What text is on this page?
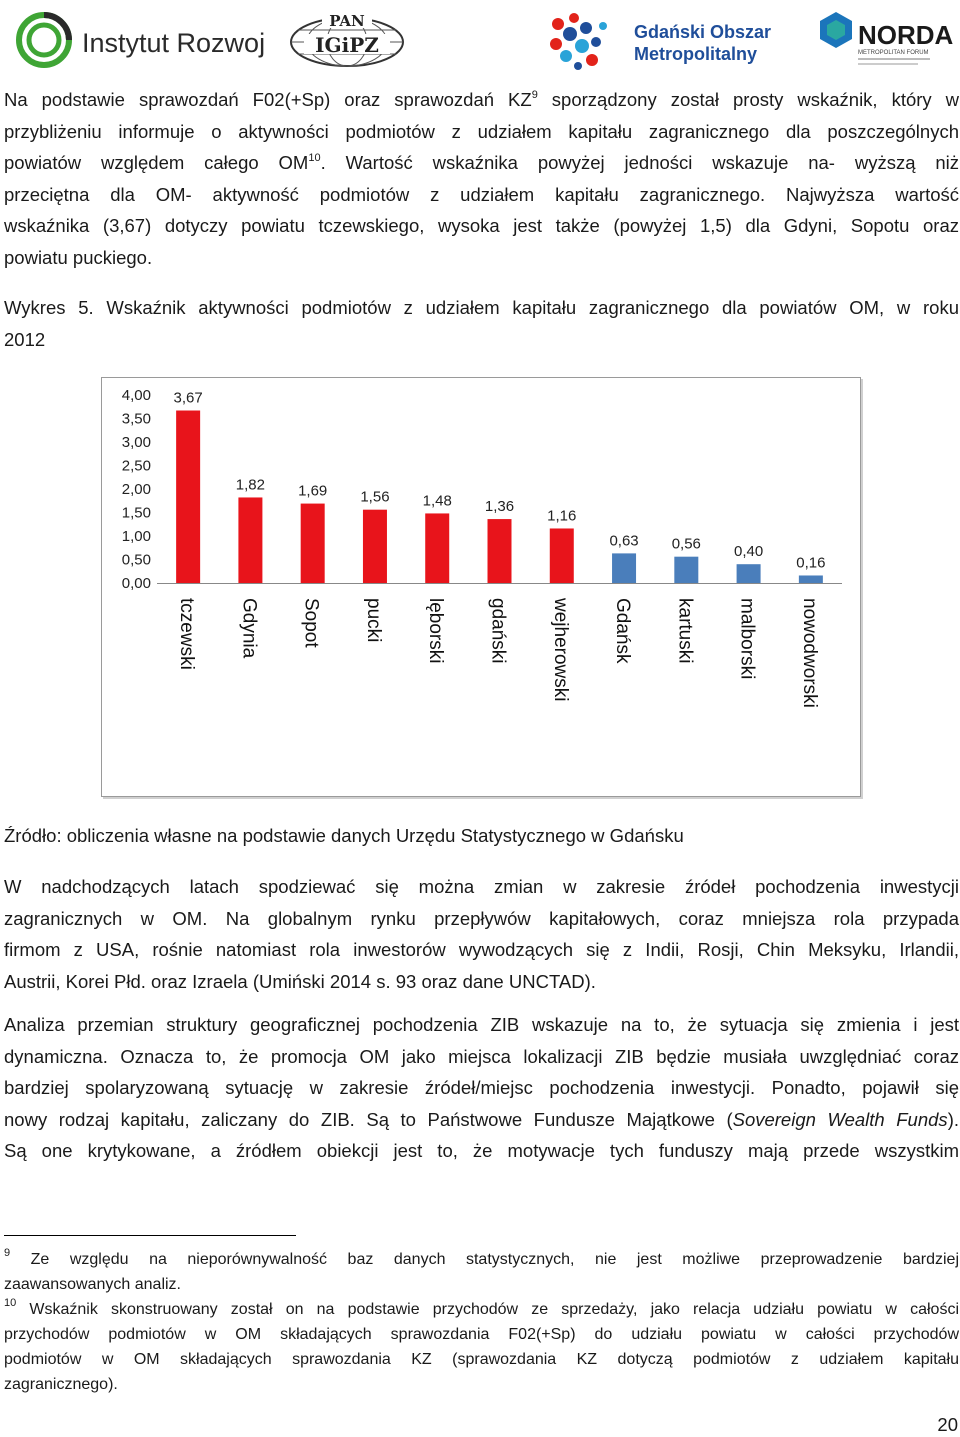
Instytut Rozwoju
PAN
IGiPZ
Gdański Obszar
Metropolitalny
NORDA
METROPOLITAN FORUM
Na podstawie sprawozdań F02(+Sp) oraz sprawozdań $KZ^9$ sporządzony został prosty wskaźnik, który w
przybliżeniu informuje o aktywności podmiotów z udziałem kapitału zagranicznego dla poszczególnych
powiatów względem całego OM$^{10}$. Wartość wskaźnika powyżej jedności wskazuje na- wyższą niż
przeciętna dla OM- aktywność podmiotów z udziałem kapitału zagranicznego. Najwyższa wartość
wskaźnika (3,67) dotyczy powiatu tczewskiego, wysoka jest także (powyżej 1,5) dla Gdyni, Sopotu oraz
powiatu puckiego.
Wykres 5. Wskaźnik aktywności podmiotów z udziałem kapitału zagranicznego dla powiatów OM, w roku
2012
0,00
0,50
1,00
1,50
2,00
2,50
3,00
3,50
4,00 3,67
tczewski
1,82
Gdynia
1,69
Sopot
1,56
pucki
1,48
lęborski
1,36
gdański
1,16
wejherowski
0,63
Gdańsk
0,56
kartuski
0,40
malborski
0,16
nowodworski
Źródło: obliczenia własne na podstawie danych Urzędu Statystycznego w Gdańsku
W nadchodzących latach spodziewać się można zmian w zakresie źródeł pochodzenia inwestycji
zagranicznych w OM. Na globalnym rynku przepływów kapitałowych, coraz mniejsza rola przypada
firmom z USA, rośnie natomiast rola inwestorów wywodzących się z Indii, Rosji, Chin Meksyku, Irlandii,
Austrii, Korei Płd. oraz Izraela (Umiński 2014 s. 93 oraz dane UNCTAD).
Analiza przemian struktury geograficznej pochodzenia ZIB wskazuje na to, że sytuacja się zmienia i jest
dynamiczna. Oznacza to, że promocja OM jako miejsca lokalizacji ZIB będzie musiała uwzględniać coraz
bardziej spolaryzowaną sytuację w zakresie źródeł/miejsc pochodzenia inwestycji. Ponadto, pojawił się
nowy rodzaj kapitału, zaliczany do ZIB. Są to Państwowe Fundusze Majątkowe (Sovereign Wealth Funds).
Są one krytykowane, a źródłem obiekcji jest to, że motywacje tych funduszy mają przede wszystkim
$^9$ Ze względu na nieporównywalność baz danych statystycznych, nie jest możliwe przeprowadzenie bardziej
zaawansowanych analiz.
$^{10}$ Wskaźnik skonstruowany został on na podstawie przychodów ze sprzedaży, jako relacja udziału powiatu w całości
przychodów podmiotów w OM składających sprawozdania F02(+Sp) do udziału powiatu w całości przychodów
podmiotów w OM składających sprawozdania KZ (sprawozdania KZ dotyczą podmiotów z udziałem kapitału
zagranicznego).
20
